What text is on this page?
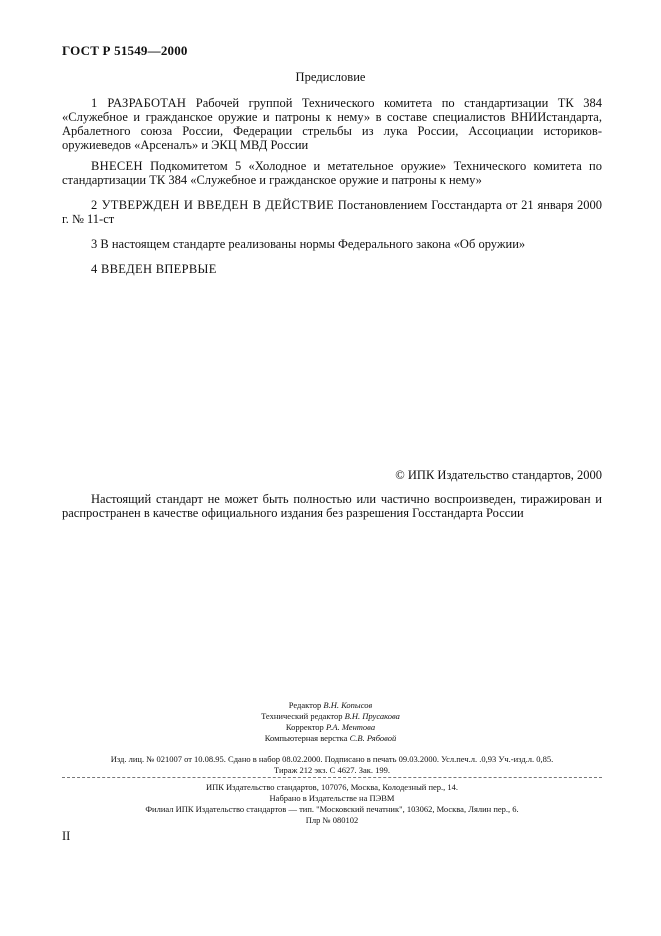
ГОСТ Р 51549—2000
Предисловие
1 РАЗРАБОТАН Рабочей группой Технического комитета по стандартизации ТК 384 «Служебное и гражданское оружие и патроны к нему» в составе специалистов ВНИИстандарта, Арбалетного союза России, Федерации стрельбы из лука России, Ассоциации историков-оружиеведов «Арсеналъ» и ЭКЦ МВД России
ВНЕСЕН Подкомитетом 5 «Холодное и метательное оружие» Технического комитета по стандартизации ТК 384 «Служебное и гражданское оружие и патроны к нему»
2 УТВЕРЖДЕН И ВВЕДЕН В ДЕЙСТВИЕ Постановлением Госстандарта от 21 января 2000 г. № 11-ст
3 В настоящем стандарте реализованы нормы Федерального закона «Об оружии»
4 ВВЕДЕН ВПЕРВЫЕ
© ИПК Издательство стандартов, 2000
Настоящий стандарт не может быть полностью или частично воспроизведен, тиражирован и распространен в качестве официального издания без разрешения Госстандарта России
Редактор В.Н. Копысов
Технический редактор В.Н. Прусакова
Корректор Р.А. Ментова
Компьютерная верстка С.В. Рябовой
Изд. лиц. № 021007 от 10.08.95. Сдано в набор 08.02.2000. Подписано в печать 09.03.2000. Усл.печ.л. .0,93 Уч.-изд.л. 0,85.
Тираж 212 экз. С 4627. Зак. 199.
ИПК Издательство стандартов, 107076, Москва, Колодезный пер., 14.
Набрано в Издательстве на ПЭВМ
Филиал ИПК Издательство стандартов — тип. "Московский печатник", 103062, Москва, Лялин пер., 6.
Плр № 080102
II
